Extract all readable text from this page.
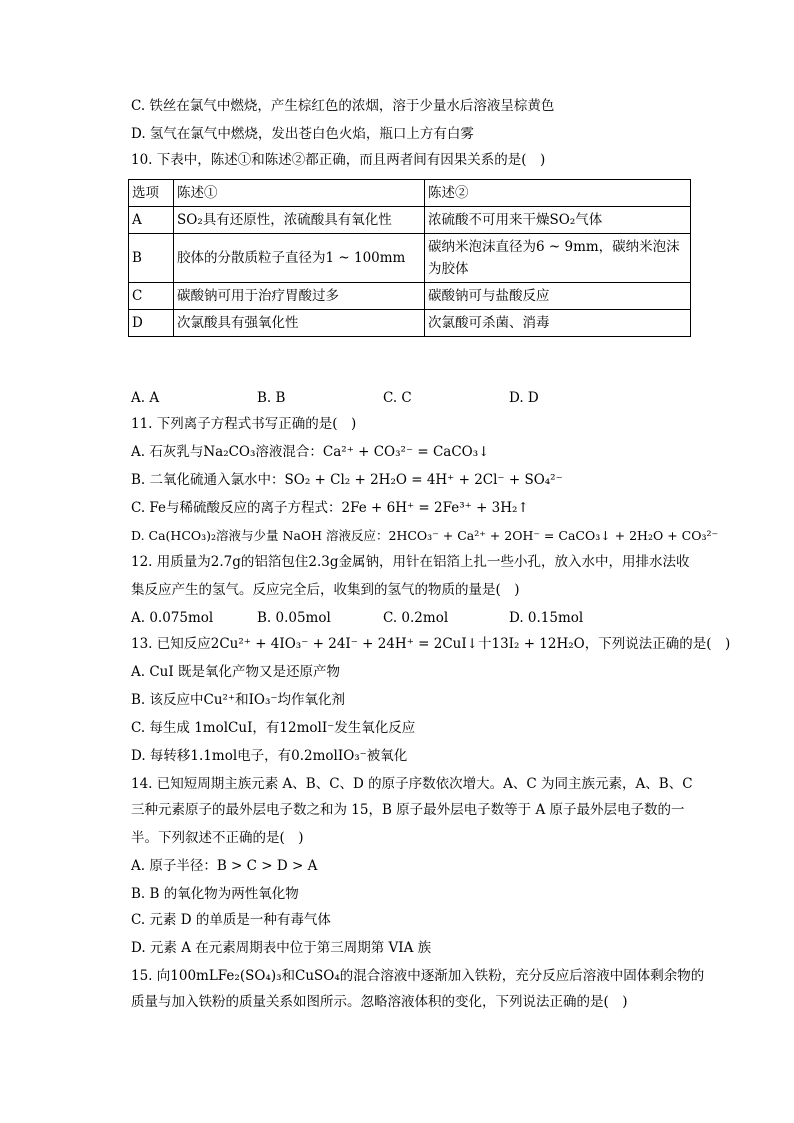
C. 铁丝在氯气中燃烧，产生棕红色的浓烟，溶于少量水后溶液呈棕黄色
D. 氢气在氯气中燃烧，发出苍白色火焰，瓶口上方有白雾
10. 下表中，陈述①和陈述②都正确，而且两者间有因果关系的是(　)
选项	陈述①	陈述②
A	SO₂具有还原性，浓硫酸具有氧化性	浓硫酸不可用来干燥SO₂气体
B	胶体的分散质粒子直径为1 ~ 100mm	碳纳米泡沫直径为6 ~ 9mm，碳纳米泡沫为胶体
C	碳酸钠可用于治疗胃酸过多	碳酸钠可与盐酸反应
D	次氯酸具有强氧化性	次氯酸可杀菌、消毒
A. A	B. B	C. C	D. D
11. 下列离子方程式书写正确的是(　)
A. 石灰乳与Na₂CO₃溶液混合：Ca²⁺ + CO₃²⁻ = CaCO₃↓
B. 二氧化硫通入氯水中：SO₂ + Cl₂ + 2H₂O = 4H⁺ + 2Cl⁻ + SO₄²⁻
C. Fe与稀硫酸反应的离子方程式：2Fe + 6H⁺ = 2Fe³⁺ + 3H₂↑
D. Ca(HCO₃)₂溶液与少量 NaOH 溶液反应：2HCO₃⁻ + Ca²⁺ + 2OH⁻ = CaCO₃↓ + 2H₂O + CO₃²⁻
12. 用质量为2.7g的铝箔包住2.3g金属钠，用针在铝箔上扎一些小孔，放入水中，用排水法收
集反应产生的氢气。反应完全后，收集到的氢气的物质的量是(　)
A. 0.075mol	B. 0.05mol	C. 0.2mol	D. 0.15mol
13. 已知反应2Cu²⁺ + 4IO₃⁻ + 24I⁻ + 24H⁺ = 2CuI↓十13I₂ + 12H₂O，下列说法正确的是(　)
A. CuI 既是氧化产物又是还原产物
B. 该反应中Cu²⁺和IO₃⁻均作氧化剂
C. 每生成 1molCuI，有12molI⁻发生氧化反应
D. 每转移1.1mol电子，有0.2molIO₃⁻被氧化
14. 已知短周期主族元素 A、B、C、D 的原子序数依次增大。A、C 为同主族元素，A、B、C
三种元素原子的最外层电子数之和为 15，B 原子最外层电子数等于 A 原子最外层电子数的一
半。下列叙述不正确的是(　)
A. 原子半径：B > C > D > A
B. B 的氧化物为两性氧化物
C. 元素 D 的单质是一种有毒气体
D. 元素 A 在元素周期表中位于第三周期第 VIA 族
15. 向100mLFe₂(SO₄)₃和CuSO₄的混合溶液中逐渐加入铁粉，充分反应后溶液中固体剩余物的
质量与加入铁粉的质量关系如图所示。忽略溶液体积的变化，下列说法正确的是(　)
